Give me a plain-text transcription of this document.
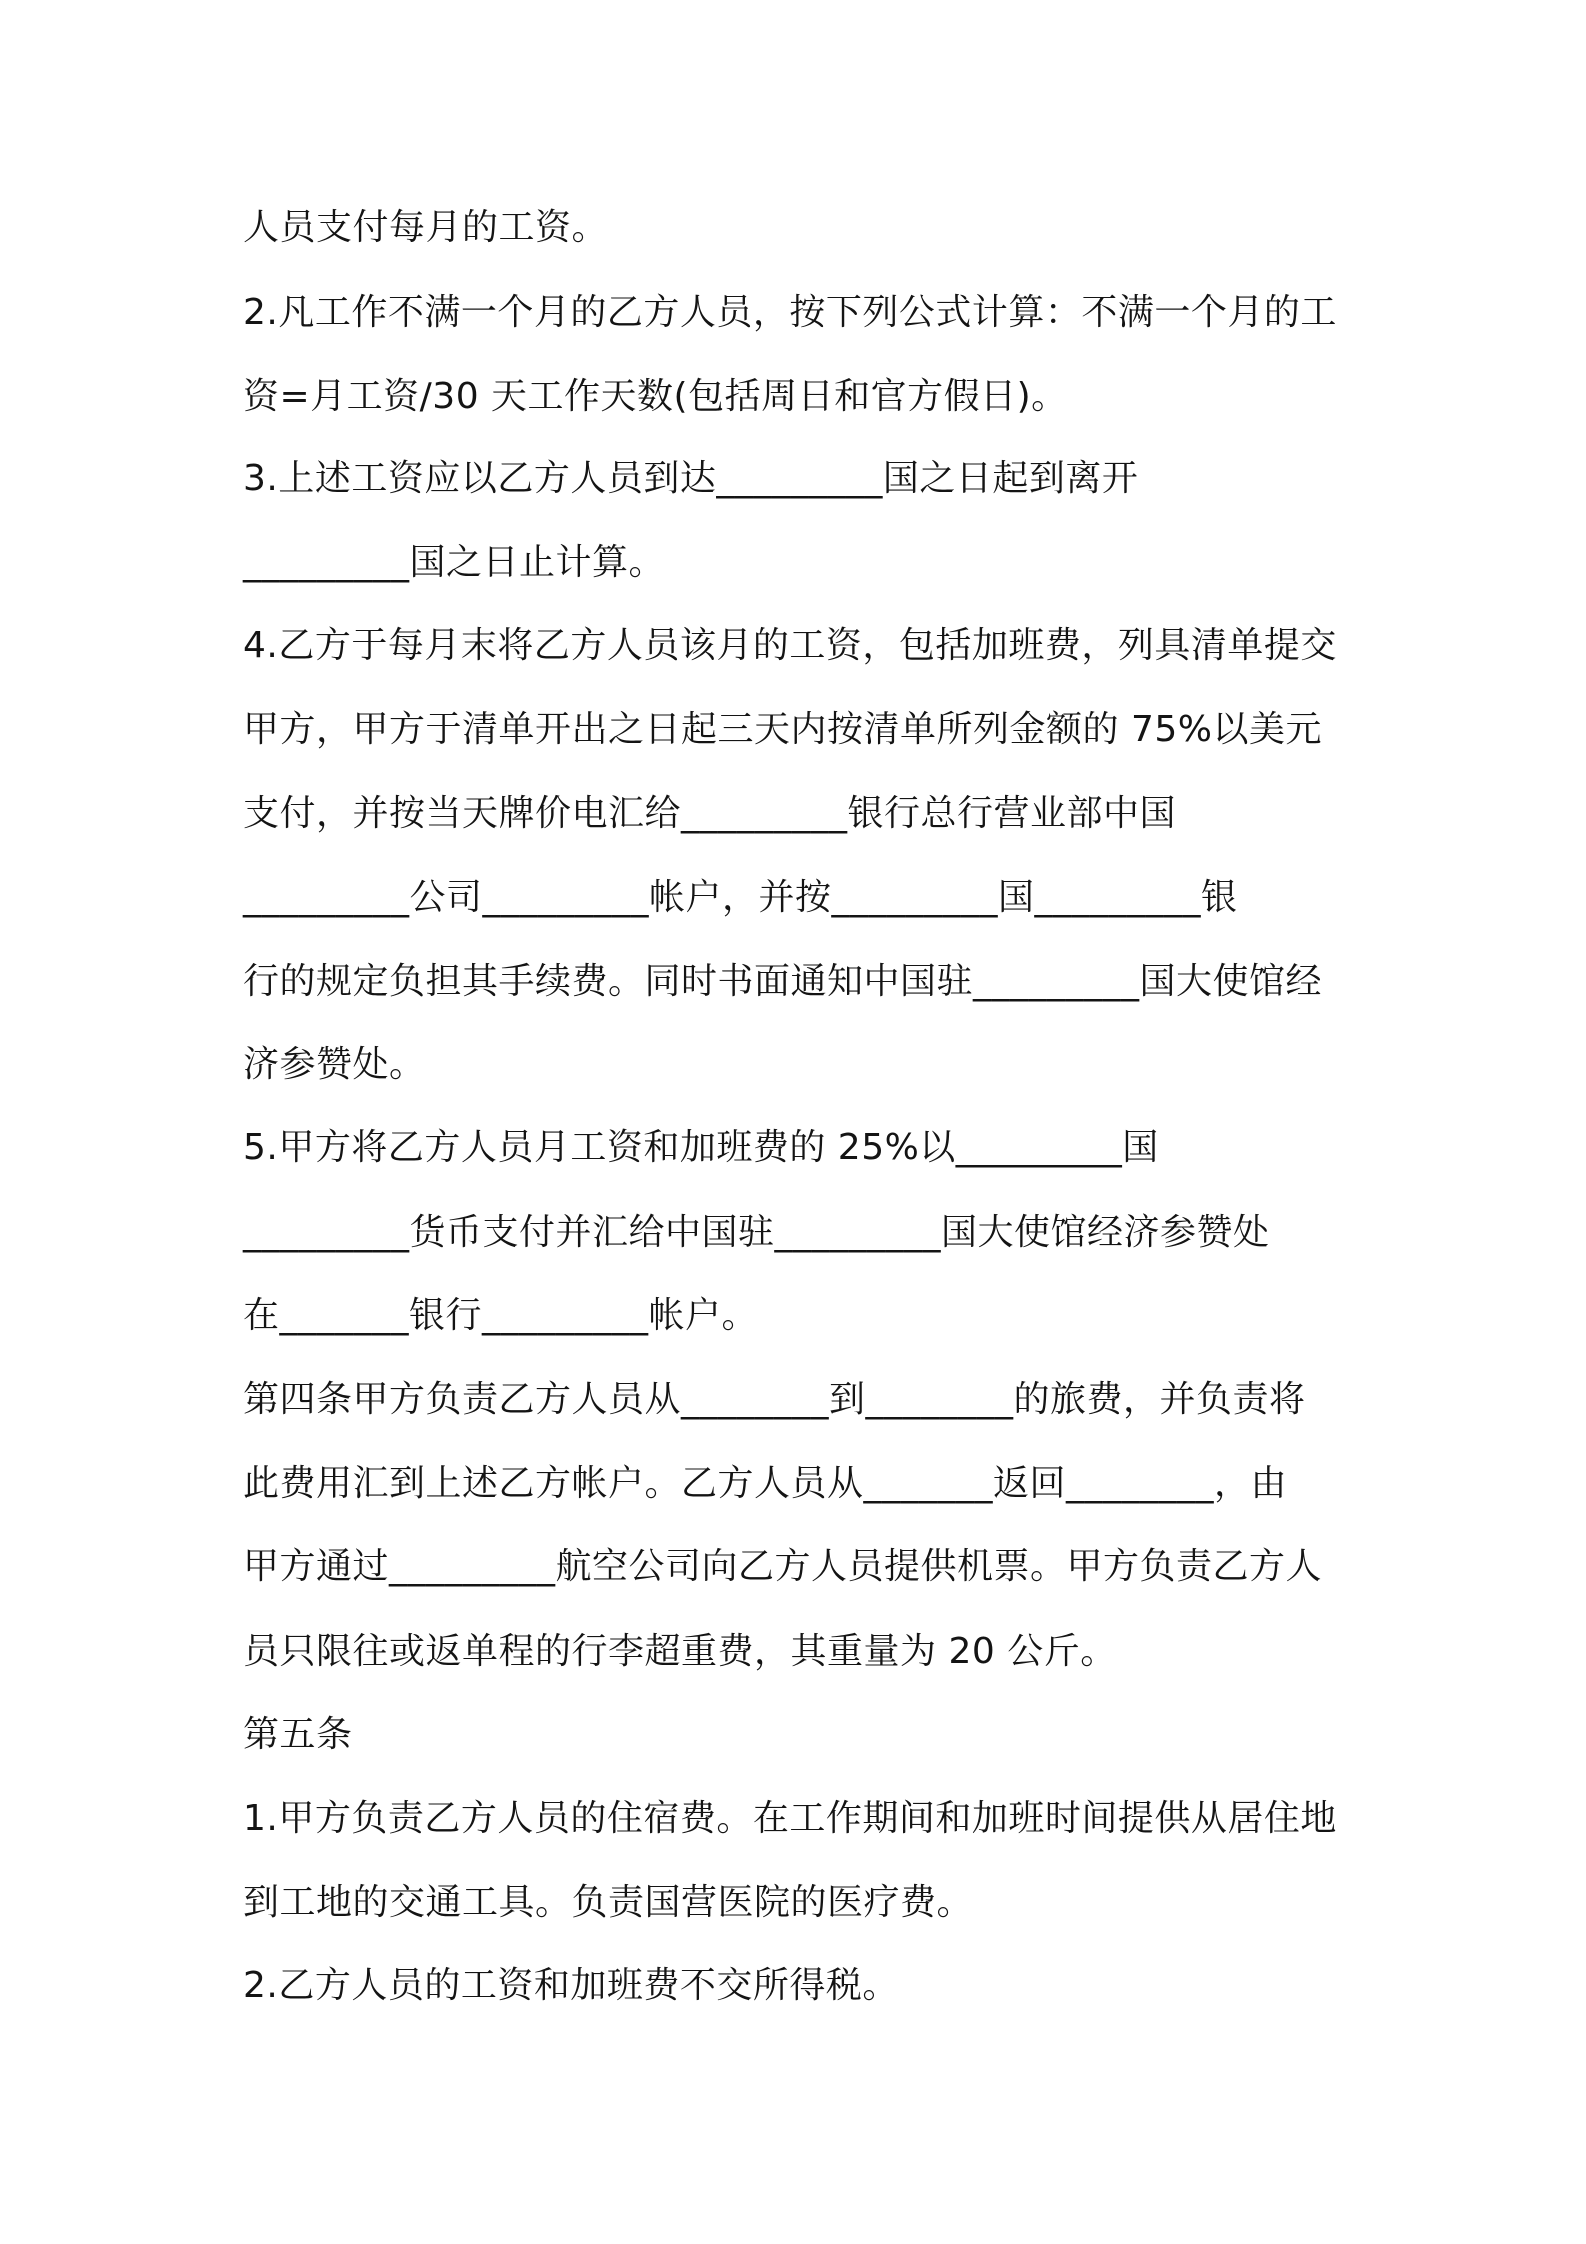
人员支付每月的工资。

2.凡工作不满一个月的乙方人员，按下列公式计算：不满一个月的工

资=月工资/30 天工作天数(包括周日和官方假日)。

3.上述工资应以乙方人员到达_________国之日起到离开

_________国之日止计算。

4.乙方于每月末将乙方人员该月的工资，包括加班费，列具清单提交

甲方，甲方于清单开出之日起三天内按清单所列金额的 75%以美元

支付，并按当天牌价电汇给_________银行总行营业部中国

_________公司_________帐户，并按_________国_________银

行的规定负担其手续费。同时书面通知中国驻_________国大使馆经

济参赞处。

5.甲方将乙方人员月工资和加班费的 25%以_________国

_________货币支付并汇给中国驻_________国大使馆经济参赞处

在_______银行_________帐户。

第四条甲方负责乙方人员从________到________的旅费，并负责将

此费用汇到上述乙方帐户。乙方人员从_______返回________，由

甲方通过_________航空公司向乙方人员提供机票。甲方负责乙方人

员只限往或返单程的行李超重费，其重量为 20 公斤。

第五条

1.甲方负责乙方人员的住宿费。在工作期间和加班时间提供从居住地

到工地的交通工具。负责国营医院的医疗费。

2.乙方人员的工资和加班费不交所得税。
